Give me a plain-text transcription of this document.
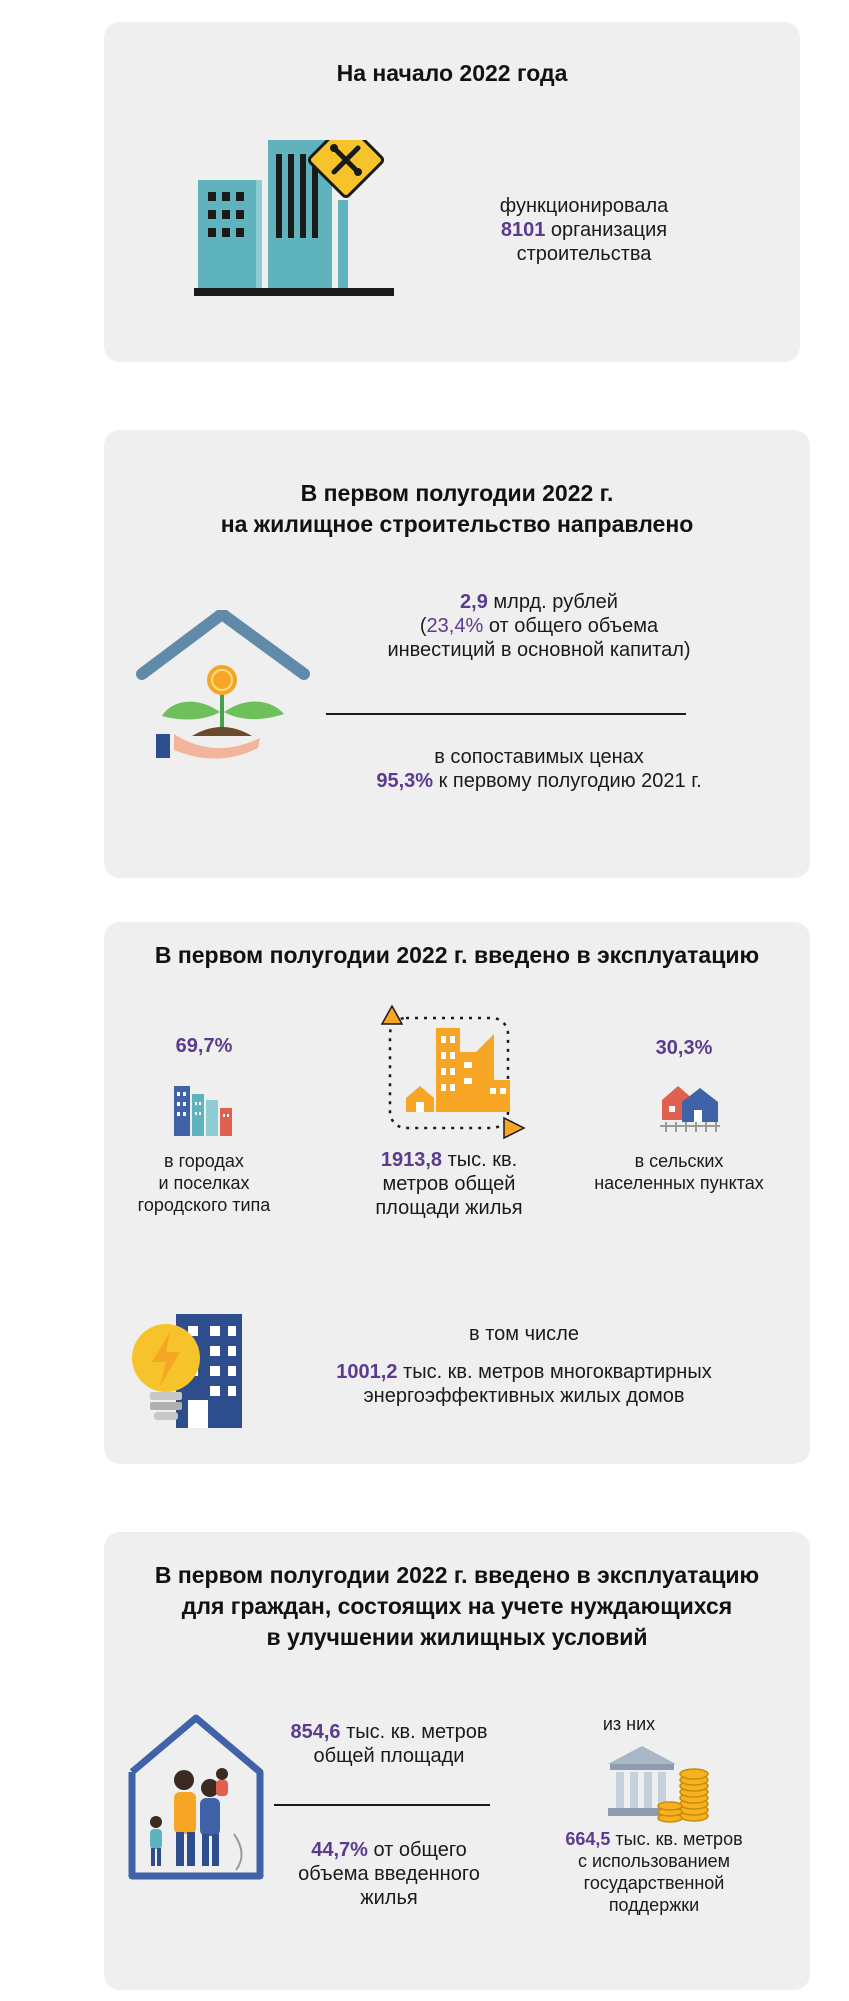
На начало 2022 года
функционировала
8101 организация
строительства
В первом полугодии 2022 г.
на жилищное строительство направлено
2,9 млрд. рублей
(23,4% от общего объема
инвестиций в основной капитал)
в сопоставимых ценах
95,3% к первому полугодию 2021 г.
В первом полугодии 2022 г. введено в эксплуатацию
69,7%
в городах
и поселках
городского типа
1913,8 тыс. кв.
метров общей
площади жилья
30,3%
в сельских
населенных пунктах
в том числе
1001,2 тыс. кв. метров многоквартирных
энергоэффективных жилых домов
В первом полугодии 2022 г. введено в эксплуатацию
для граждан, состоящих на учете нуждающихся
в улучшении жилищных условий
854,6 тыс. кв. метров
общей площади
44,7% от общего
объема введенного
жилья
из них
664,5 тыс. кв. метров
с использованием
государственной
поддержки
